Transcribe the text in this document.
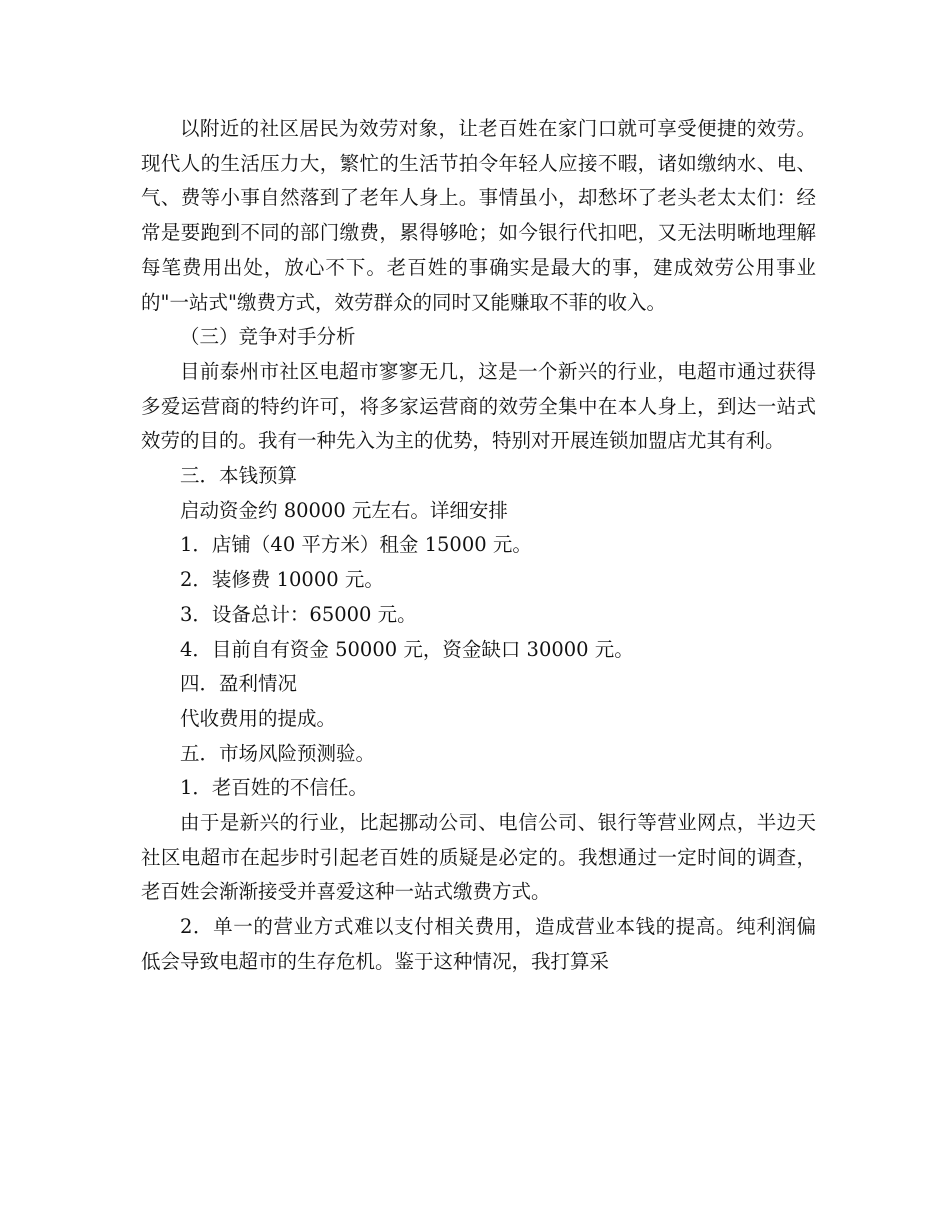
以附近的社区居民为效劳对象，让老百姓在家门口就可享受便捷的效劳。现代人的生活压力大，繁忙的生活节拍令年轻人应接不暇，诸如缴纳水、电、气、费等小事自然落到了老年人身上。事情虽小，却愁坏了老头老太太们：经常是要跑到不同的部门缴费，累得够呛；如今银行代扣吧，又无法明晰地理解每笔费用出处，放心不下。老百姓的事确实是最大的事，建成效劳公用事业的"一站式"缴费方式，效劳群众的同时又能赚取不菲的收入。

（三）竞争对手分析

目前泰州市社区电超市寥寥无几，这是一个新兴的行业，电超市通过获得多爱运营商的特约许可，将多家运营商的效劳全集中在本人身上，到达一站式效劳的目的。我有一种先入为主的优势，特别对开展连锁加盟店尤其有利。

三．本钱预算

启动资金约 80000 元左右。详细安排

1．店铺（40 平方米）租金 15000 元。

2．装修费 10000 元。

3．设备总计：65000 元。

4．目前自有资金 50000 元，资金缺口 30000 元。

四．盈利情况

代收费用的提成。

五．市场风险预测验。

1．老百姓的不信任。

由于是新兴的行业，比起挪动公司、电信公司、银行等营业网点，半边天社区电超市在起步时引起老百姓的质疑是必定的。我想通过一定时间的调查，老百姓会渐渐接受并喜爱这种一站式缴费方式。

2．单一的营业方式难以支付相关费用，造成营业本钱的提高。纯利润偏低会导致电超市的生存危机。鉴于这种情况，我打算采
